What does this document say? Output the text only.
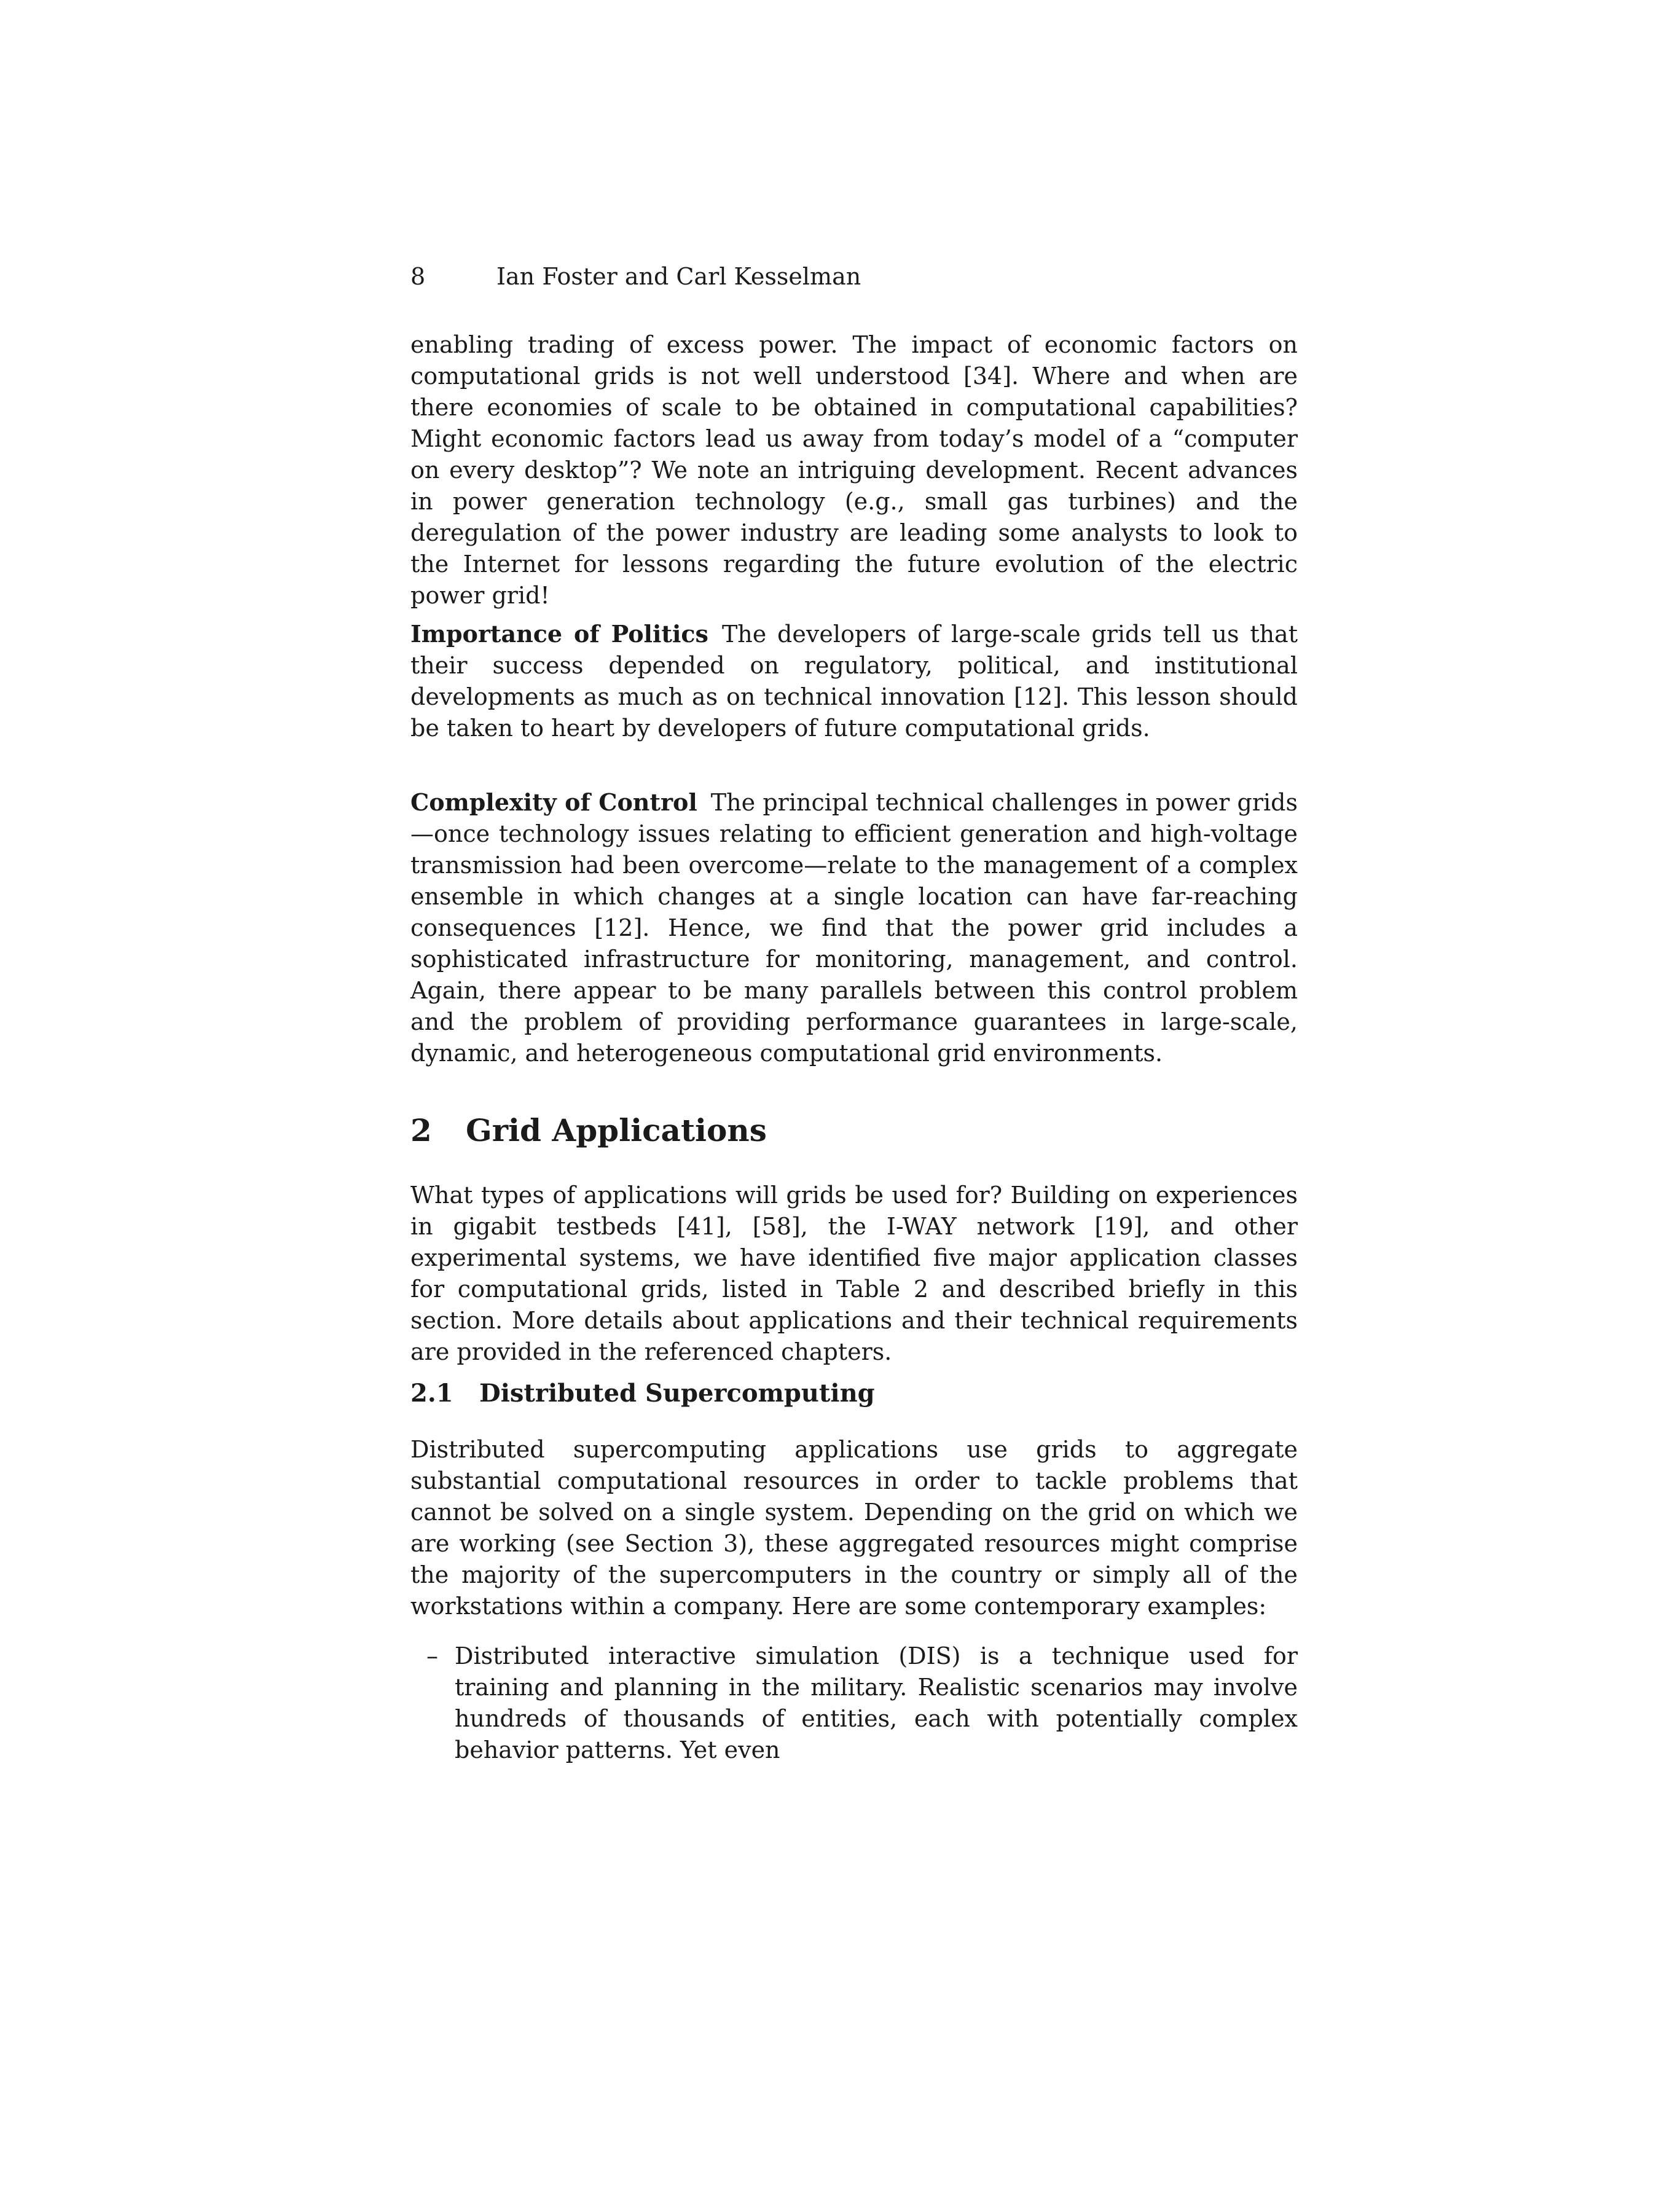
8	Ian Foster and Carl Kesselman

enabling trading of excess power. The impact of economic factors on computational grids is not well understood [34]. Where and when are there economies of scale to be obtained in computational capabilities? Might economic factors lead us away from today’s model of a “computer on every desktop”? We note an intriguing development. Recent advances in power generation technology (e.g., small gas turbines) and the deregulation of the power industry are leading some analysts to look to the Internet for lessons regarding the future evolution of the electric power grid!

Importance of Politics The developers of large-scale grids tell us that their success depended on regulatory, political, and institutional developments as much as on technical innovation [12]. This lesson should be taken to heart by developers of future computational grids.

Complexity of Control The principal technical challenges in power grids—once technology issues relating to efficient generation and high-voltage transmission had been overcome—relate to the management of a complex ensemble in which changes at a single location can have far-reaching consequences [12]. Hence, we find that the power grid includes a sophisticated infrastructure for monitoring, management, and control. Again, there appear to be many parallels between this control problem and the problem of providing performance guarantees in large-scale, dynamic, and heterogeneous computational grid environments.

2 Grid Applications

What types of applications will grids be used for? Building on experiences in gigabit testbeds [41], [58], the I-WAY network [19], and other experimental systems, we have identified five major application classes for computational grids, listed in Table 2 and described briefly in this section. More details about applications and their technical requirements are provided in the referenced chapters.

2.1 Distributed Supercomputing

Distributed supercomputing applications use grids to aggregate substantial computational resources in order to tackle problems that cannot be solved on a single system. Depending on the grid on which we are working (see Section 3), these aggregated resources might comprise the majority of the supercomputers in the country or simply all of the workstations within a company. Here are some contemporary examples:

– Distributed interactive simulation (DIS) is a technique used for training and planning in the military. Realistic scenarios may involve hundreds of thousands of entities, each with potentially complex behavior patterns. Yet even
